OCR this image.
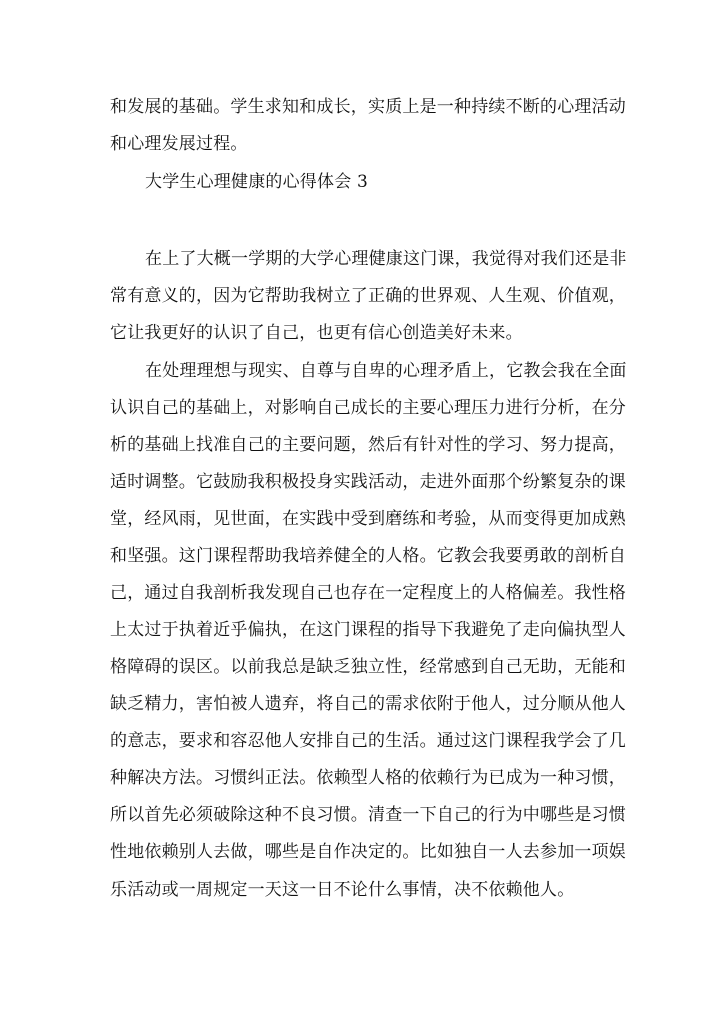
和发展的基础。学生求知和成长，实质上是一种持续不断的心理活动
和心理发展过程。
大学生心理健康的心得体会 3
在上了大概一学期的大学心理健康这门课，我觉得对我们还是非
常有意义的，因为它帮助我树立了正确的世界观、人生观、价值观，
它让我更好的认识了自己，也更有信心创造美好未来。
在处理理想与现实、自尊与自卑的心理矛盾上，它教会我在全面
认识自己的基础上，对影响自己成长的主要心理压力进行分析，在分
析的基础上找准自己的主要问题，然后有针对性的学习、努力提高，
适时调整。它鼓励我积极投身实践活动，走进外面那个纷繁复杂的课
堂，经风雨，见世面，在实践中受到磨练和考验，从而变得更加成熟
和坚强。这门课程帮助我培养健全的人格。它教会我要勇敢的剖析自
己，通过自我剖析我发现自己也存在一定程度上的人格偏差。我性格
上太过于执着近乎偏执，在这门课程的指导下我避免了走向偏执型人
格障碍的误区。以前我总是缺乏独立性，经常感到自己无助，无能和
缺乏精力，害怕被人遗弃，将自己的需求依附于他人，过分顺从他人
的意志，要求和容忍他人安排自己的生活。通过这门课程我学会了几
种解决方法。习惯纠正法。依赖型人格的依赖行为已成为一种习惯，
所以首先必须破除这种不良习惯。清查一下自己的行为中哪些是习惯
性地依赖别人去做，哪些是自作决定的。比如独自一人去参加一项娱
乐活动或一周规定一天这一日不论什么事情，决不依赖他人。
